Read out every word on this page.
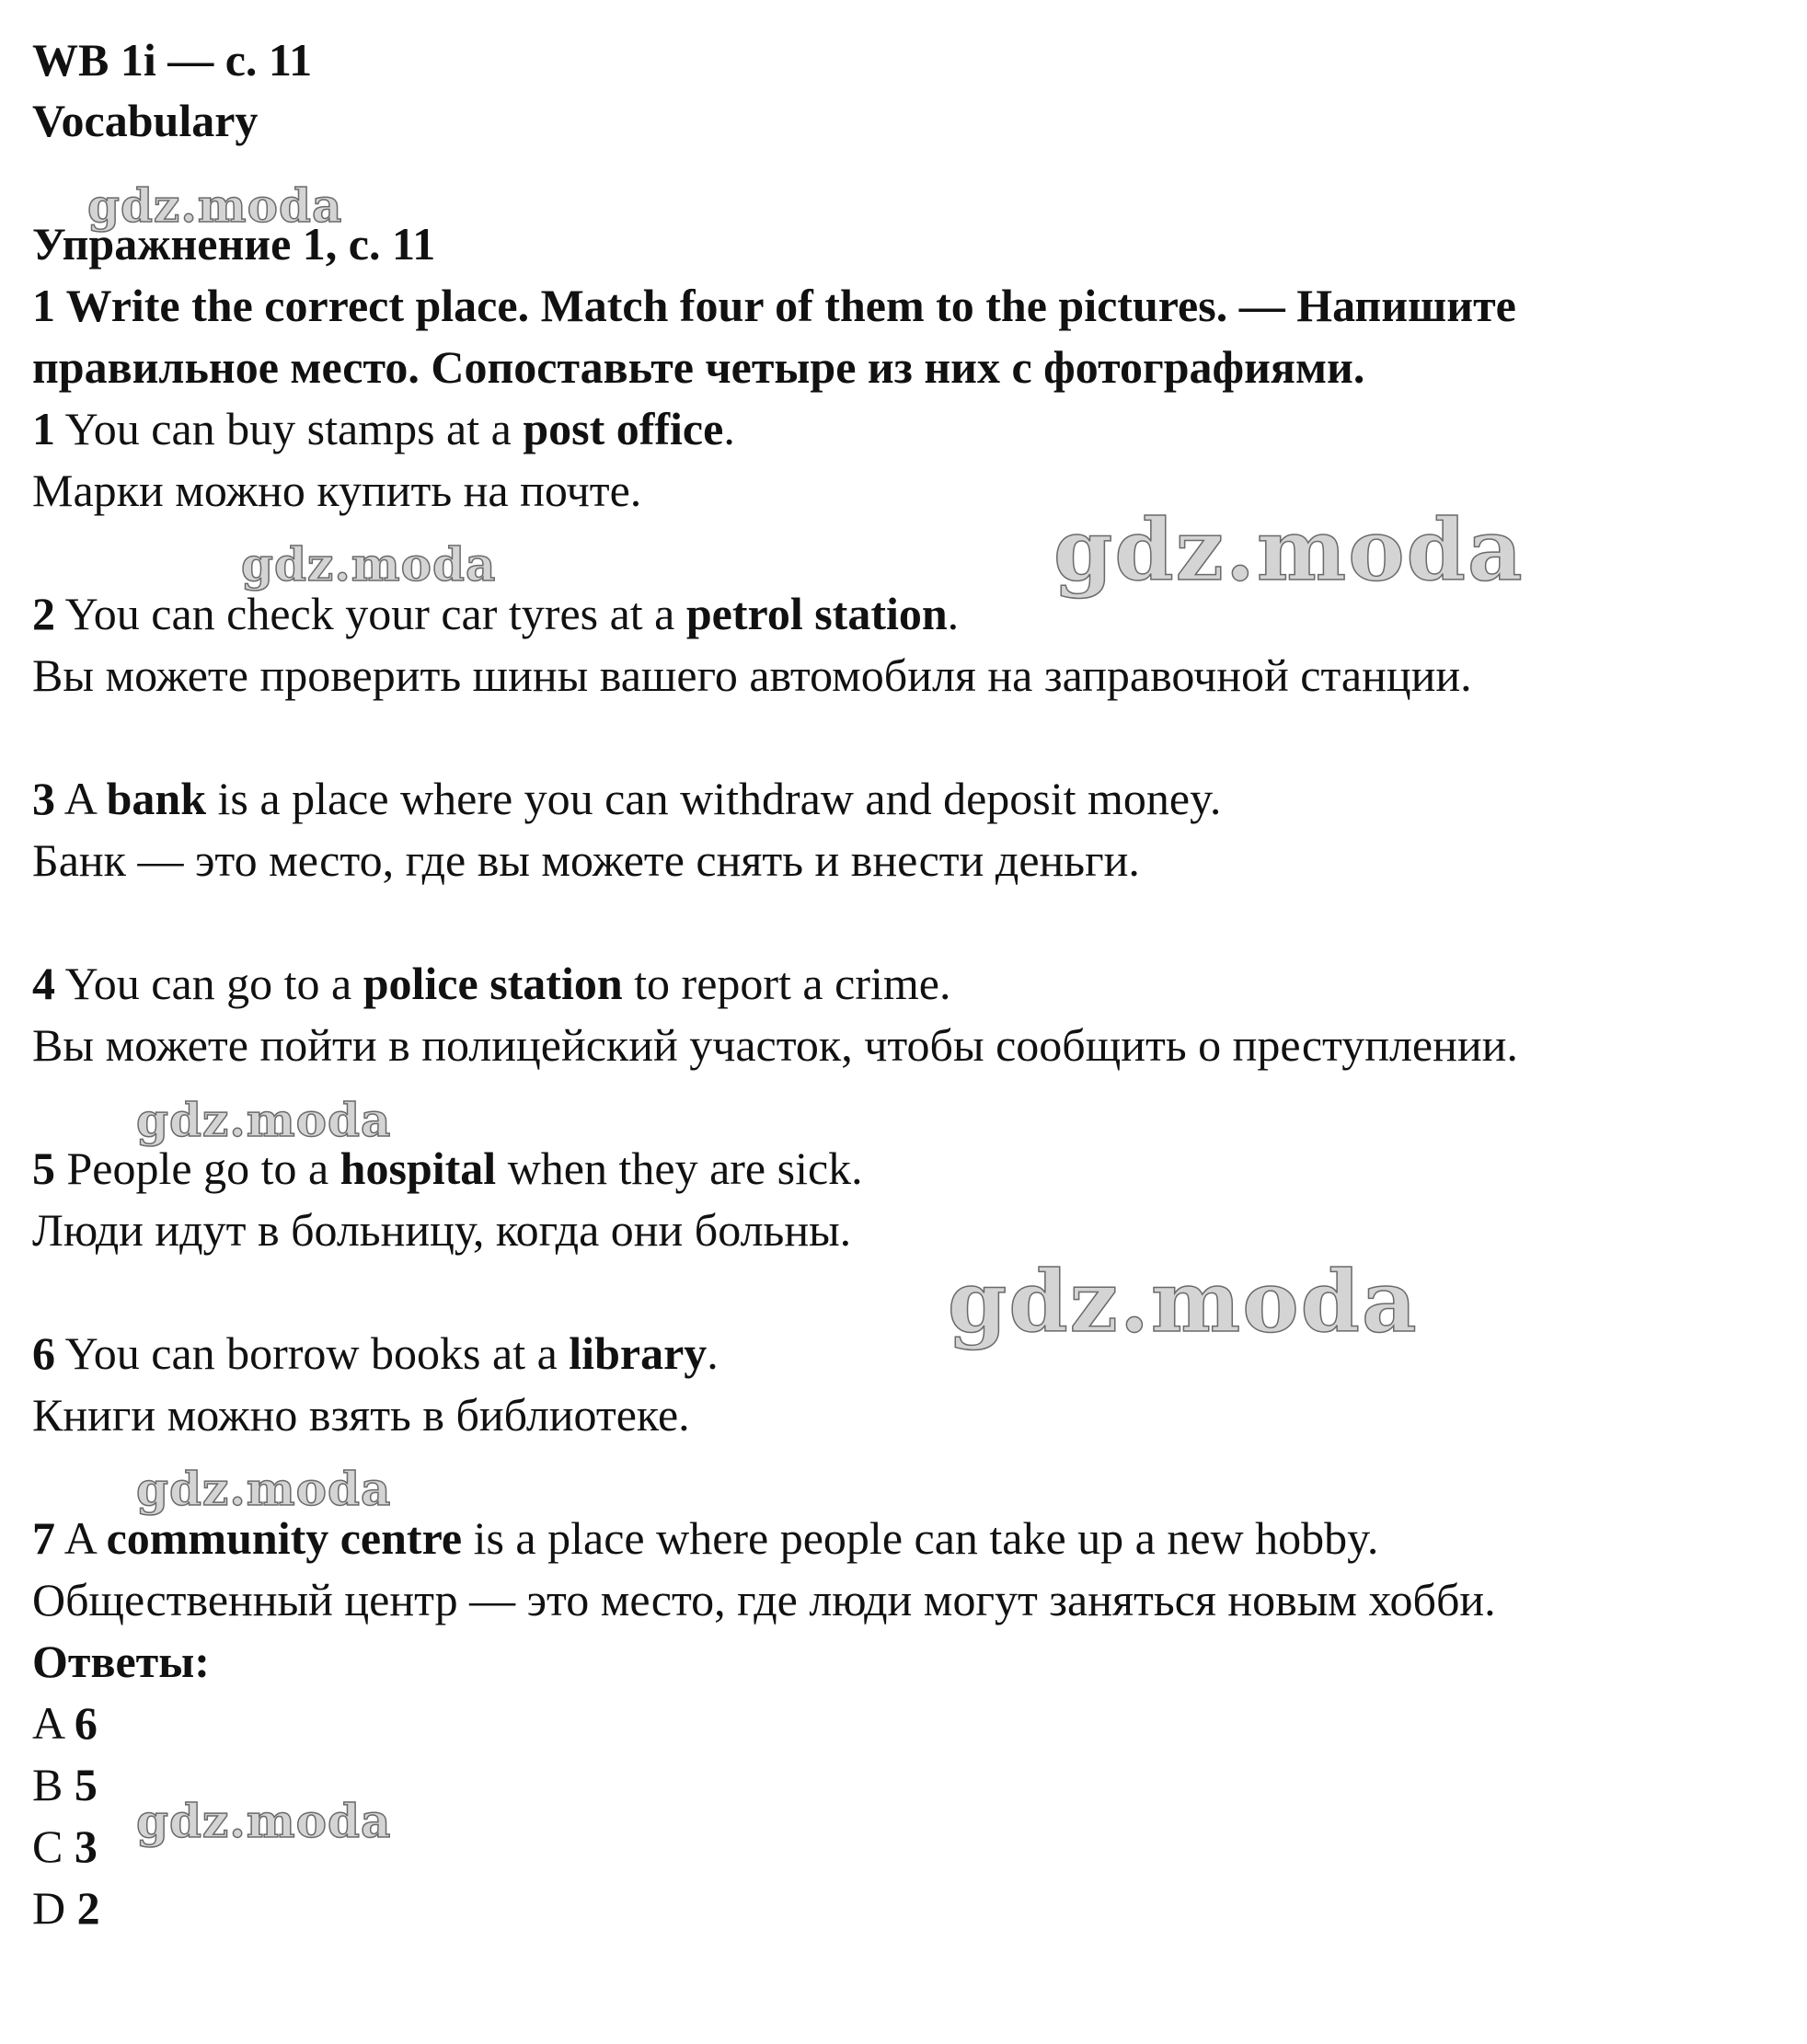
WB 1i — с. 11
Vocabulary
Упражнение 1, с. 11
1 Write the correct place. Match four of them to the pictures. — Напишите
правильное место. Сопоставьте четыре из них с фотографиями.
1 You can buy stamps at a post office.
Марки можно купить на почте.
2 You can check your car tyres at a petrol station.
Вы можете проверить шины вашего автомобиля на заправочной станции.
3 A bank is a place where you can withdraw and deposit money.
Банк — это место, где вы можете снять и внести деньги.
4 You can go to a police station to report a crime.
Вы можете пойти в полицейский участок, чтобы сообщить о преступлении.
5 People go to a hospital when they are sick.
Люди идут в больницу, когда они больны.
6 You can borrow books at a library.
Книги можно взять в библиотеке.
7 A community centre is a place where people can take up a new hobby.
Общественный центр — это место, где люди могут заняться новым хобби.
Ответы:
A 6
B 5
C 3
D 2
gdz.moda
gdz.moda	gdz.moda
gdz.moda
gdz.moda
gdz.moda
gdz.moda
